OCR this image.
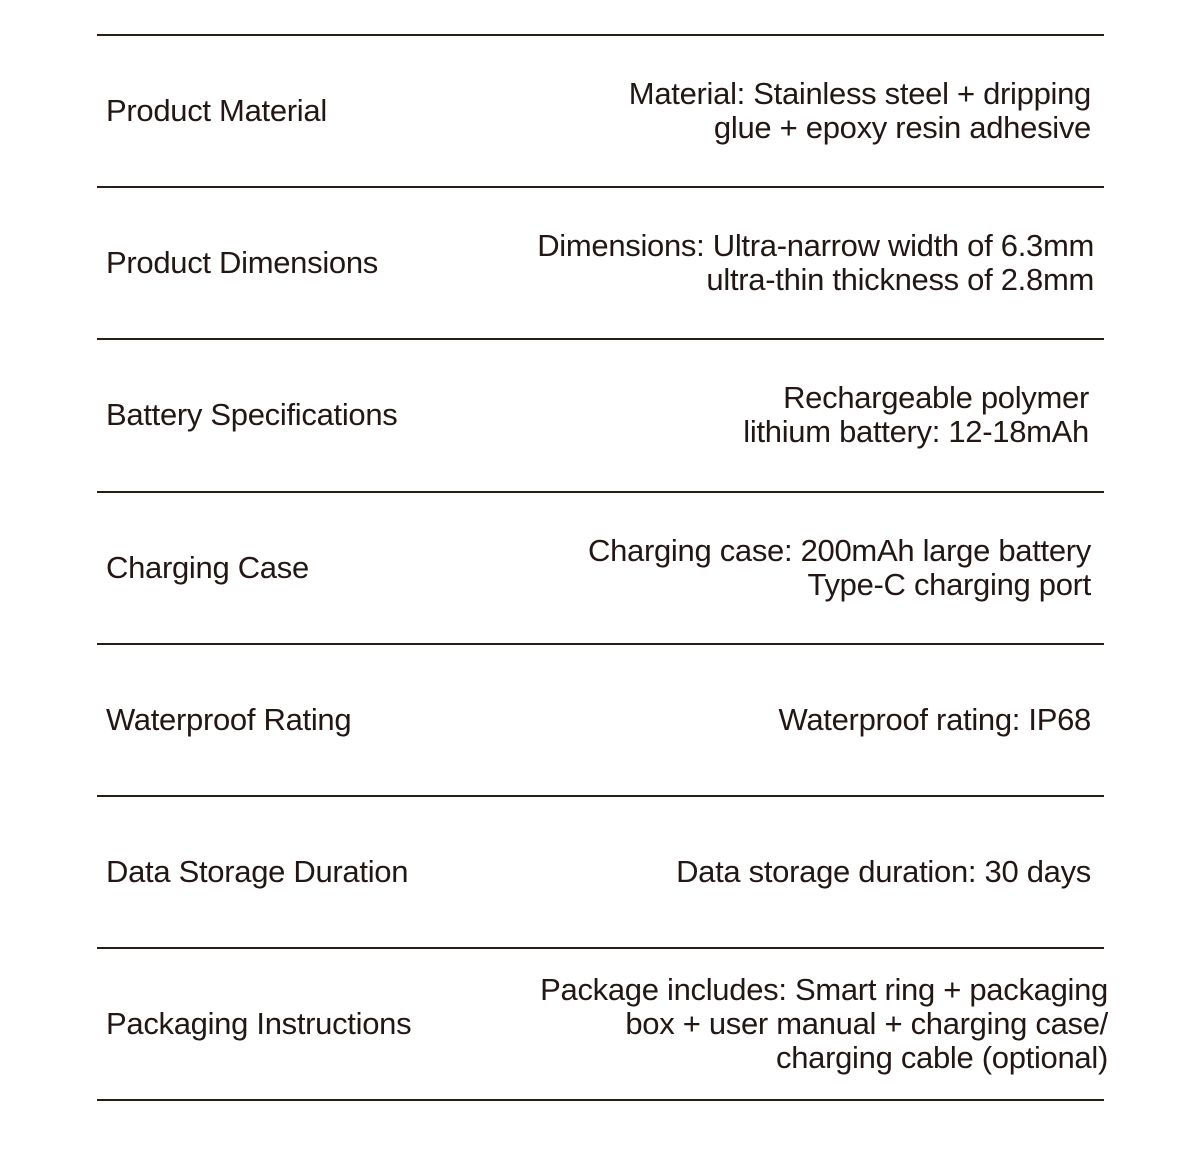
Product Material	Material: Stainless steel + dripping
glue + epoxy resin adhesive
Product Dimensions	Dimensions: Ultra-narrow width of 6.3mm
ultra-thin thickness of 2.8mm
Battery Specifications	Rechargeable polymer
lithium battery: 12-18mAh
Charging Case	Charging case: 200mAh large battery
Type-C charging port
Waterproof Rating	Waterproof rating: IP68
Data Storage Duration	Data storage duration: 30 days
Packaging Instructions
Package includes: Smart ring + packaging
box + user manual + charging case/
charging cable (optional)
